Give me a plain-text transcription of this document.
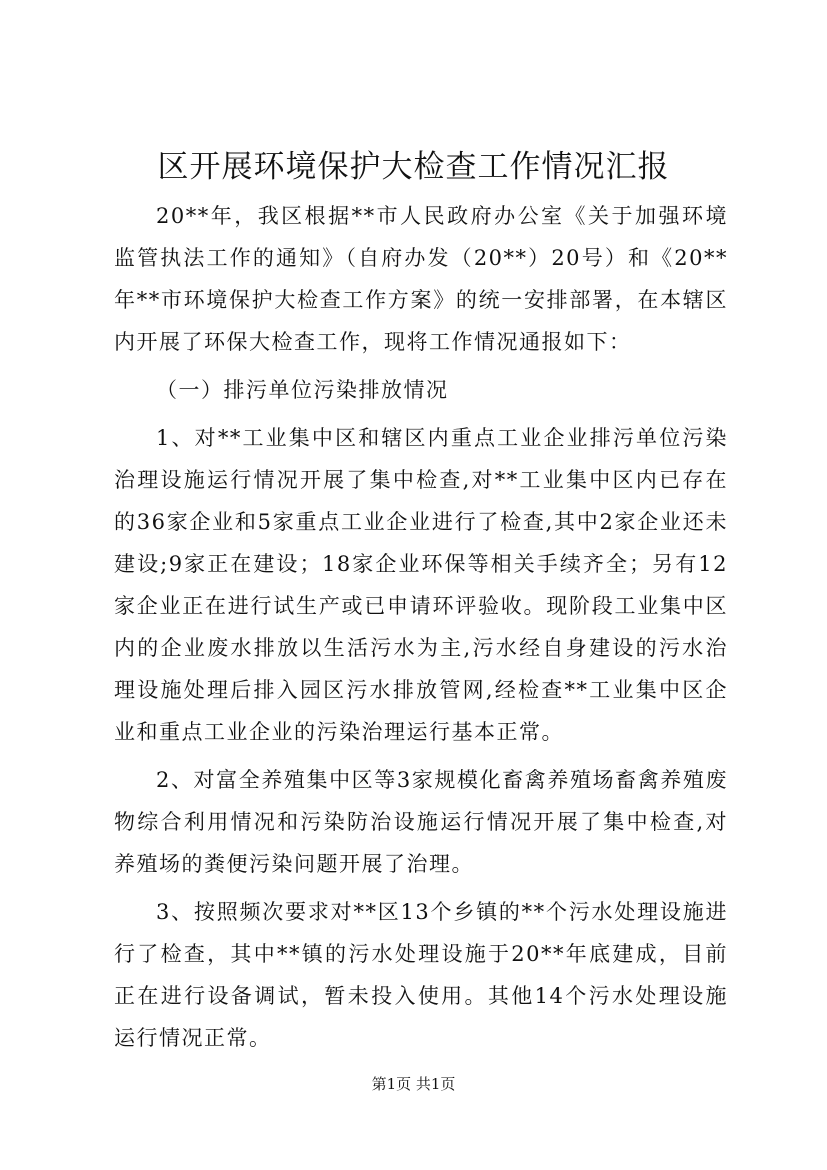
区开展环境保护大检查工作情况汇报

20**年，我区根据**市人民政府办公室《关于加强环境监管执法工作的通知》（自府办发（20**）20号）和《20**年**市环境保护大检查工作方案》的统一安排部署，在本辖区内开展了环保大检查工作，现将工作情况通报如下：

（一）排污单位污染排放情况

1、对**工业集中区和辖区内重点工业企业排污单位污染治理设施运行情况开展了集中检查,对**工业集中区内已存在的36家企业和5家重点工业企业进行了检查,其中2家企业还未建设;9家正在建设；18家企业环保等相关手续齐全；另有12家企业正在进行试生产或已申请环评验收。现阶段工业集中区内的企业废水排放以生活污水为主,污水经自身建设的污水治理设施处理后排入园区污水排放管网,经检查**工业集中区企业和重点工业企业的污染治理运行基本正常。

2、对富全养殖集中区等3家规模化畜禽养殖场畜禽养殖废物综合利用情况和污染防治设施运行情况开展了集中检查,对养殖场的粪便污染问题开展了治理。

3、按照频次要求对**区13个乡镇的**个污水处理设施进行了检查，其中**镇的污水处理设施于20**年底建成，目前正在进行设备调试，暂未投入使用。其他14个污水处理设施运行情况正常。

第1页 共1页
